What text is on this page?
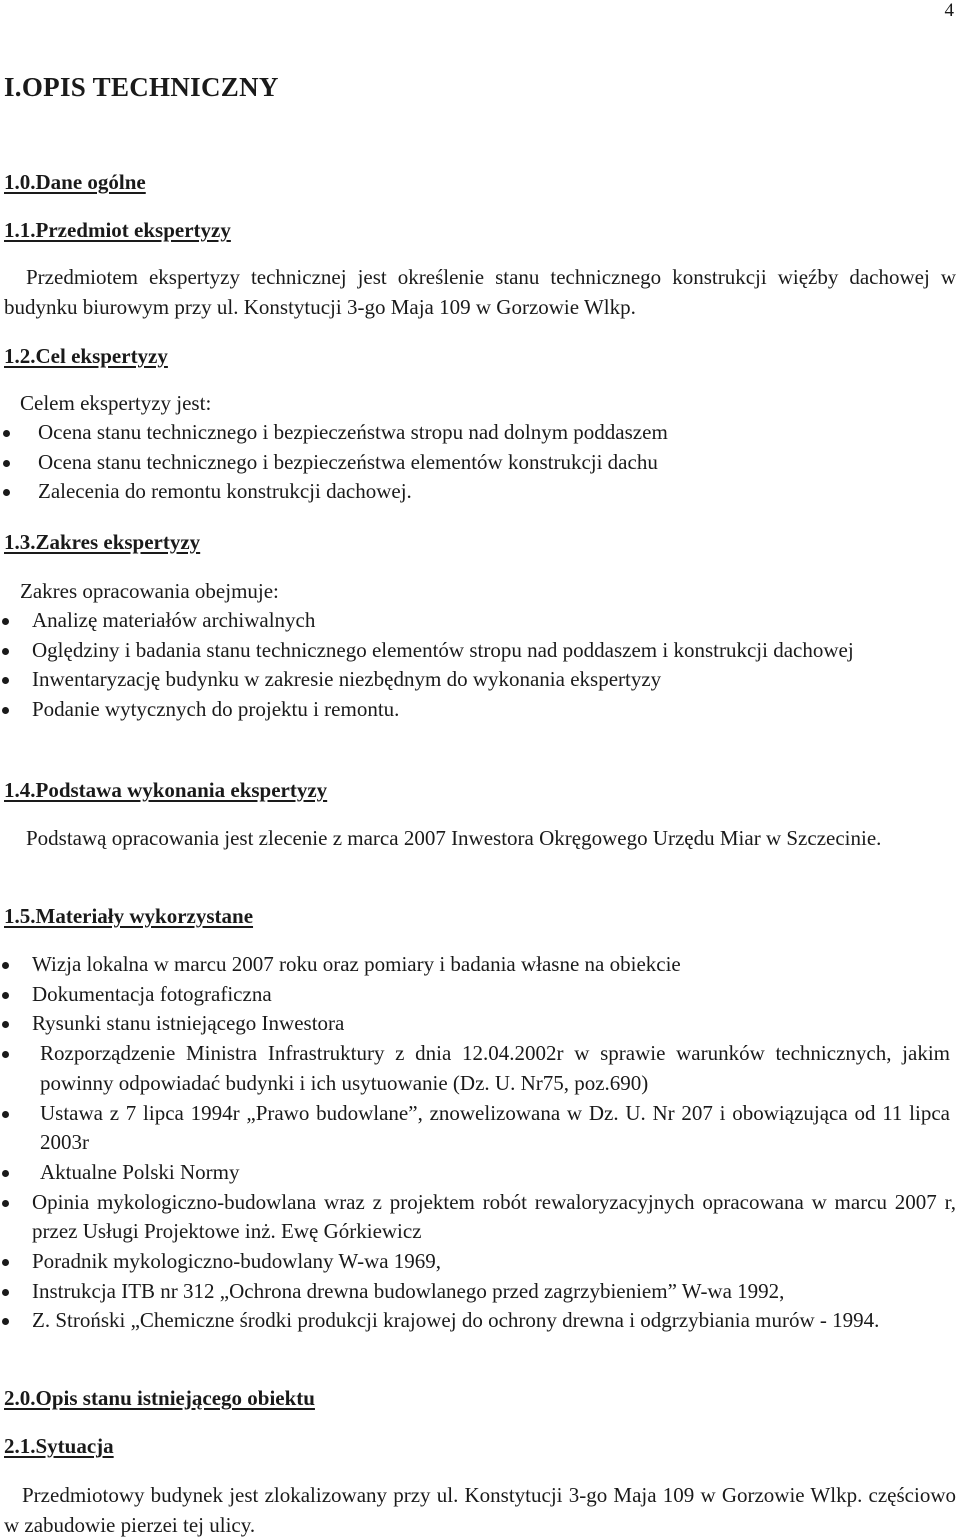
4
I.OPIS TECHNICZNY
1.0.Dane ogólne
1.1.Przedmiot ekspertyzy

Przedmiotem ekspertyzy technicznej jest określenie stanu technicznego konstrukcji więźby dachowej w budynku biurowym przy ul. Konstytucji 3-go Maja 109 w Gorzowie Wlkp.

1.2.Cel ekspertyzy

Celem ekspertyzy jest:

Ocena stanu technicznego i bezpieczeństwa stropu nad dolnym poddaszem
Ocena stanu technicznego i bezpieczeństwa elementów konstrukcji dachu
Zalecenia do remontu konstrukcji dachowej.
1.3.Zakres ekspertyzy

Zakres opracowania obejmuje:

Analizę materiałów archiwalnych
Oględziny i badania stanu technicznego elementów stropu nad poddaszem i konstrukcji dachowej
Inwentaryzację budynku w zakresie niezbędnym do wykonania ekspertyzy
Podanie wytycznych do projektu i remontu.
1.4.Podstawa wykonania ekspertyzy

Podstawą opracowania jest zlecenie z marca 2007 Inwestora Okręgowego Urzędu Miar w Szczecinie.

1.5.Materiały wykorzystane
Wizja lokalna w marcu 2007 roku oraz pomiary i badania własne na obiekcie
Dokumentacja fotograficzna
Rysunki stanu istniejącego Inwestora
Rozporządzenie Ministra Infrastruktury z dnia 12.04.2002r w sprawie warunków technicznych, jakim powinny odpowiadać budynki i ich usytuowanie (Dz. U. Nr75, poz.690)
Ustawa z 7 lipca 1994r „Prawo budowlane”, znowelizowana w Dz. U. Nr 207 i obowiązująca od 11 lipca 2003r
Aktualne Polski Normy
Opinia mykologiczno-budowlana wraz z projektem robót rewaloryzacyjnych opracowana w marcu 2007 r, przez Usługi Projektowe inż. Ewę Górkiewicz
Poradnik mykologiczno-budowlany W-wa 1969,
Instrukcja ITB nr 312 „Ochrona drewna budowlanego przed zagrzybieniem” W-wa 1992,
Z. Stroński „Chemiczne środki produkcji krajowej do ochrony drewna i odgrzybiania murów - 1994.
2.0.Opis stanu istniejącego obiektu
2.1.Sytuacja

Przedmiotowy budynek jest zlokalizowany przy ul. Konstytucji 3-go Maja 109 w Gorzowie Wlkp. częściowo w zabudowie pierzei tej ulicy.
